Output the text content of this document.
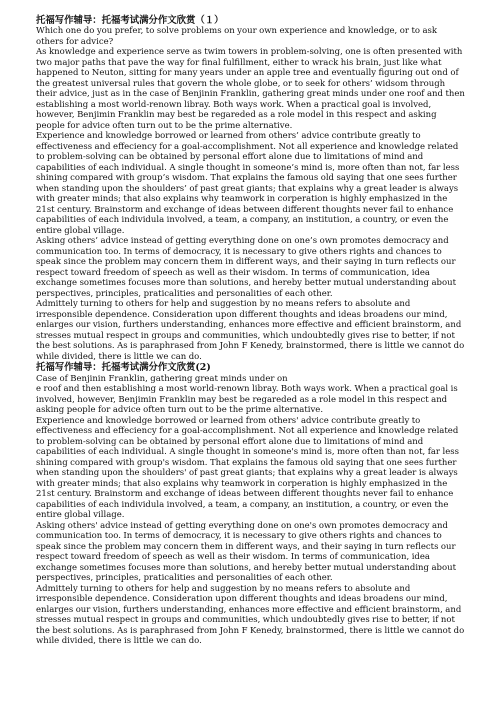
托福写作辅导：托福考试满分作文欣赏（１）

Which one do you prefer, to solve problems on your own experience and knowledge, or to ask others for advice?

As knowledge and experience serve as twim towers in problem-solving, one is often presented with two major paths that pave the way for final fulfillment, either to wrack his brain, just like what happened to Neuton, sitting for many years under an apple tree and eventually figuring out ond of the greatest universal rules that govern the whole globe, or to seek for others’ widsom through their advice, just as in the case of Benjinin Franklin, gathering great minds under one roof and then establishing a most world-renown libray. Both ways work. When a practical goal is involved, however, Benjimin Franklin may best be regareded as a role model in this respect and asking people for advice often turn out to be the prime alternative.

Experience and knowledge borrowed or learned from others’ advice contribute greatly to effectiveness and effeciency for a goal-accomplishment. Not all experience and knowledge related to problem-solving can be obtained by personal effort alone due to limitations of mind and capabilities of each individual. A single thought in someone’s mind is, more often than not, far less shining compared with group’s wisdom. That explains the famous old saying that one sees further when standing upon the shoulders’ of past great giants; that explains why a great leader is always with greater minds; that also explains why teamwork in corperation is highly emphasized in the 21st century. Brainstorm and exchange of ideas between different thoughts never fail to enhance capabilities of each individula involved, a team, a company, an institution, a country, or even the entire global village.

Asking others’ advice instead of getting everything done on one’s own promotes democracy and communication too. In terms of democracy, it is necessary to give others rights and chances to speak since the problem may concern them in different ways, and their saying in turn reflects our respect toward freedom of speech as well as their wisdom. In terms of communication, idea exchange sometimes focuses more than solutions, and hereby better mutual understanding about perspectives, principles, praticalities and personalities of each other.

Admittely turning to others for help and suggestion by no means refers to absolute and irresponsible dependence. Consideration upon different thoughts and ideas broadens our mind, enlarges our vision, furthers understanding, enhances more effective and efficient brainstorm, and stresses mutual respect in groups and communities, which undoubtedly gives rise to better, if not the best solutions. As is paraphrased from John F Kenedy, brainstormed, there is little we cannot do while divided, there is little we can do.

托福写作辅导：托福考试满分作文欣赏(2)

Case of Benjinin Franklin, gathering great minds under on

e roof and then establishing a most world-renown libray. Both ways work. When a practical goal is involved, however, Benjimin Franklin may best be regareded as a role model in this respect and asking people for advice often turn out to be the prime alternative.

Experience and knowledge borrowed or learned from others' advice contribute greatly to effectiveness and effeciency for a goal-accomplishment. Not all experience and knowledge related to problem-solving can be obtained by personal effort alone due to limitations of mind and capabilities of each individual. A single thought in someone's mind is, more often than not, far less shining compared with group's wisdom. That explains the famous old saying that one sees further when standing upon the shoulders' of past great giants; that explains why a great leader is always with greater minds; that also explains why teamwork in corperation is highly emphasized in the 21st century. Brainstorm and exchange of ideas between different thoughts never fail to enhance capabilities of each individula involved, a team, a company, an institution, a country, or even the entire global village.

Asking others' advice instead of getting everything done on one's own promotes democracy and communication too. In terms of democracy, it is necessary to give others rights and chances to speak since the problem may concern them in different ways, and their saying in turn reflects our respect toward freedom of speech as well as their wisdom. In terms of communication, idea exchange sometimes focuses more than solutions, and hereby better mutual understanding about perspectives, principles, praticalities and personalities of each other.

Admittely turning to others for help and suggestion by no means refers to absolute and irresponsible dependence. Consideration upon different thoughts and ideas broadens our mind, enlarges our vision, furthers understanding, enhances more effective and efficient brainstorm, and stresses mutual respect in groups and communities, which undoubtedly gives rise to better, if not the best solutions. As is paraphrased from John F Kenedy, brainstormed, there is little we cannot do while divided, there is little we can do.
